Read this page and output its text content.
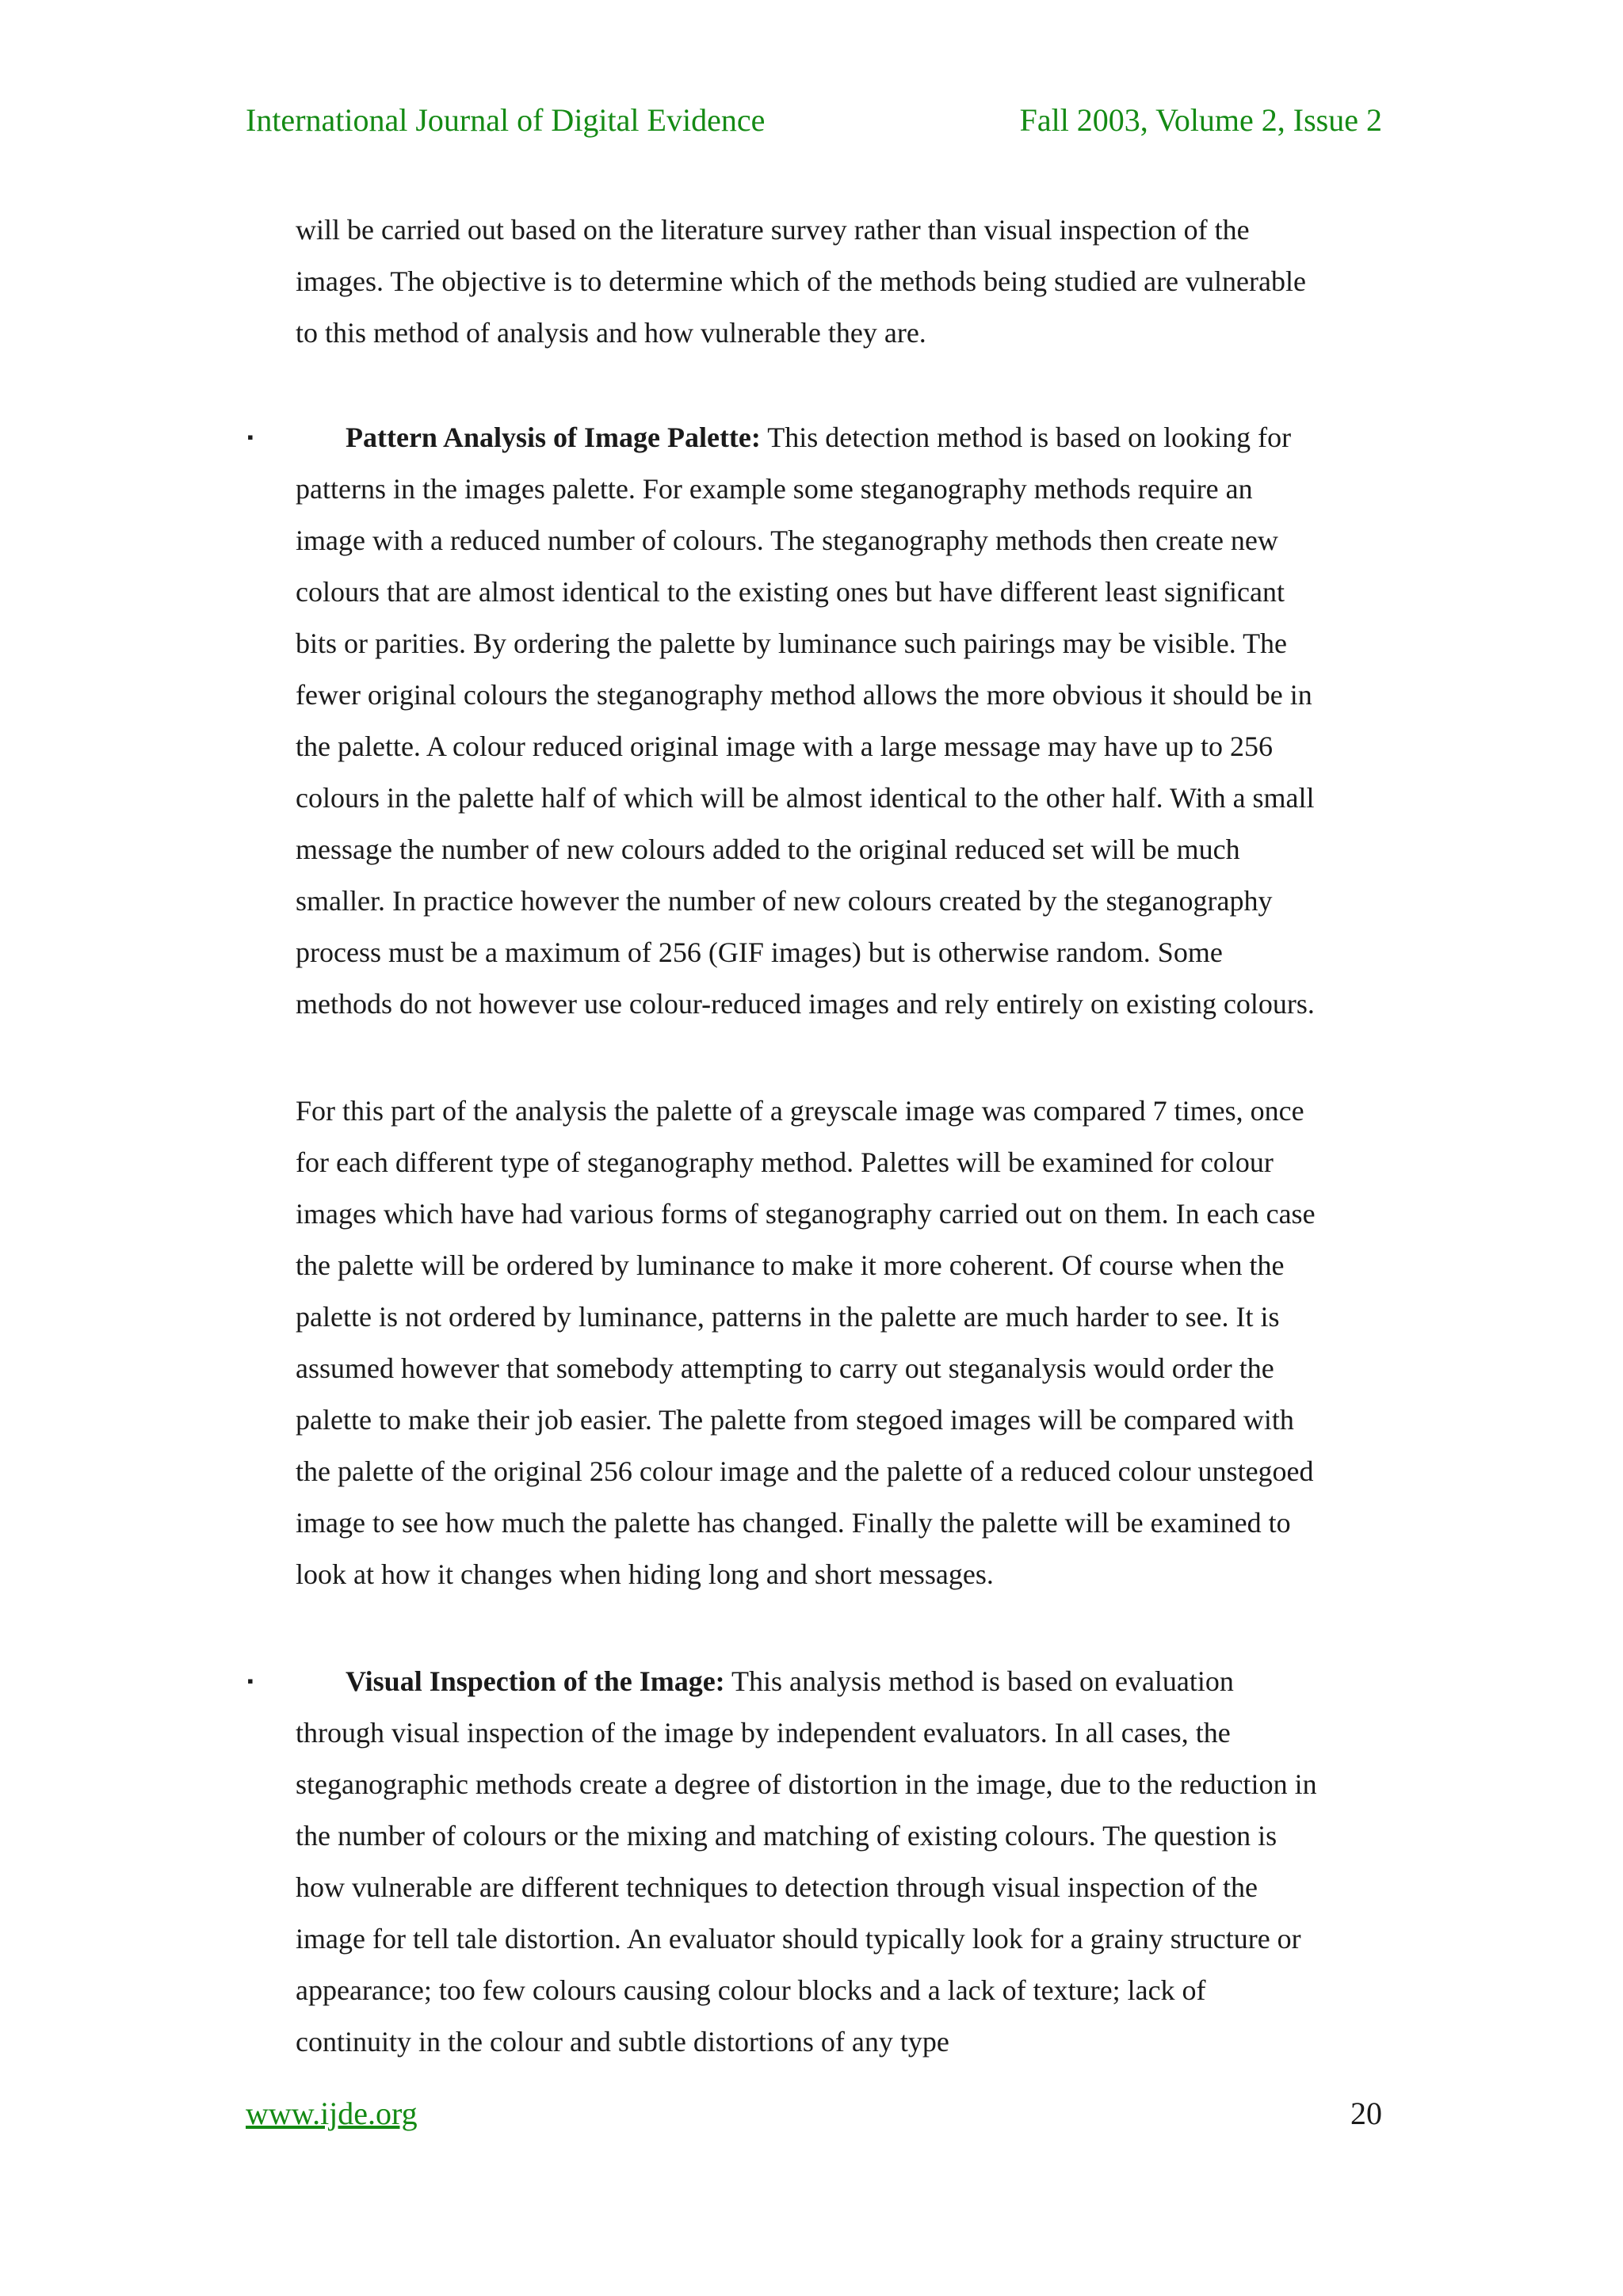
International Journal of Digital Evidence	Fall 2003, Volume 2, Issue 2
will be carried out based on the literature survey rather than visual inspection of the
images. The objective is to determine which of the methods being studied are vulnerable
to this method of analysis and how vulnerable they are.
▪	Pattern Analysis of Image Palette: This detection method is based on looking for
patterns in the images palette. For example some steganography methods require an
image with a reduced number of colours. The steganography methods then create new
colours that are almost identical to the existing ones but have different least significant
bits or parities. By ordering the palette by luminance such pairings may be visible. The
fewer original colours the steganography method allows the more obvious it should be in
the palette. A colour reduced original image with a large message may have up to 256
colours in the palette half of which will be almost identical to the other half. With a small
message the number of new colours added to the original reduced set will be much
smaller. In practice however the number of new colours created by the steganography
process must be a maximum of 256 (GIF images) but is otherwise random. Some
methods do not however use colour-reduced images and rely entirely on existing colours.
For this part of the analysis the palette of a greyscale image was compared 7 times, once
for each different type of steganography method. Palettes will be examined for colour
images which have had various forms of steganography carried out on them. In each case
the palette will be ordered by luminance to make it more coherent. Of course when the
palette is not ordered by luminance, patterns in the palette are much harder to see. It is
assumed however that somebody attempting to carry out steganalysis would order the
palette to make their job easier. The palette from stegoed images will be compared with
the palette of the original 256 colour image and the palette of a reduced colour unstegoed
image to see how much the palette has changed. Finally the palette will be examined to
look at how it changes when hiding long and short messages.
▪	Visual Inspection of the Image: This analysis method is based on evaluation
through visual inspection of the image by independent evaluators. In all cases, the
steganographic methods create a degree of distortion in the image, due to the reduction in
the number of colours or the mixing and matching of existing colours. The question is
how vulnerable are different techniques to detection through visual inspection of the
image for tell tale distortion. An evaluator should typically look for a grainy structure or
appearance; too few colours causing colour blocks and a lack of texture; lack of
continuity in the colour and subtle distortions of any type
www.ijde.org	20
